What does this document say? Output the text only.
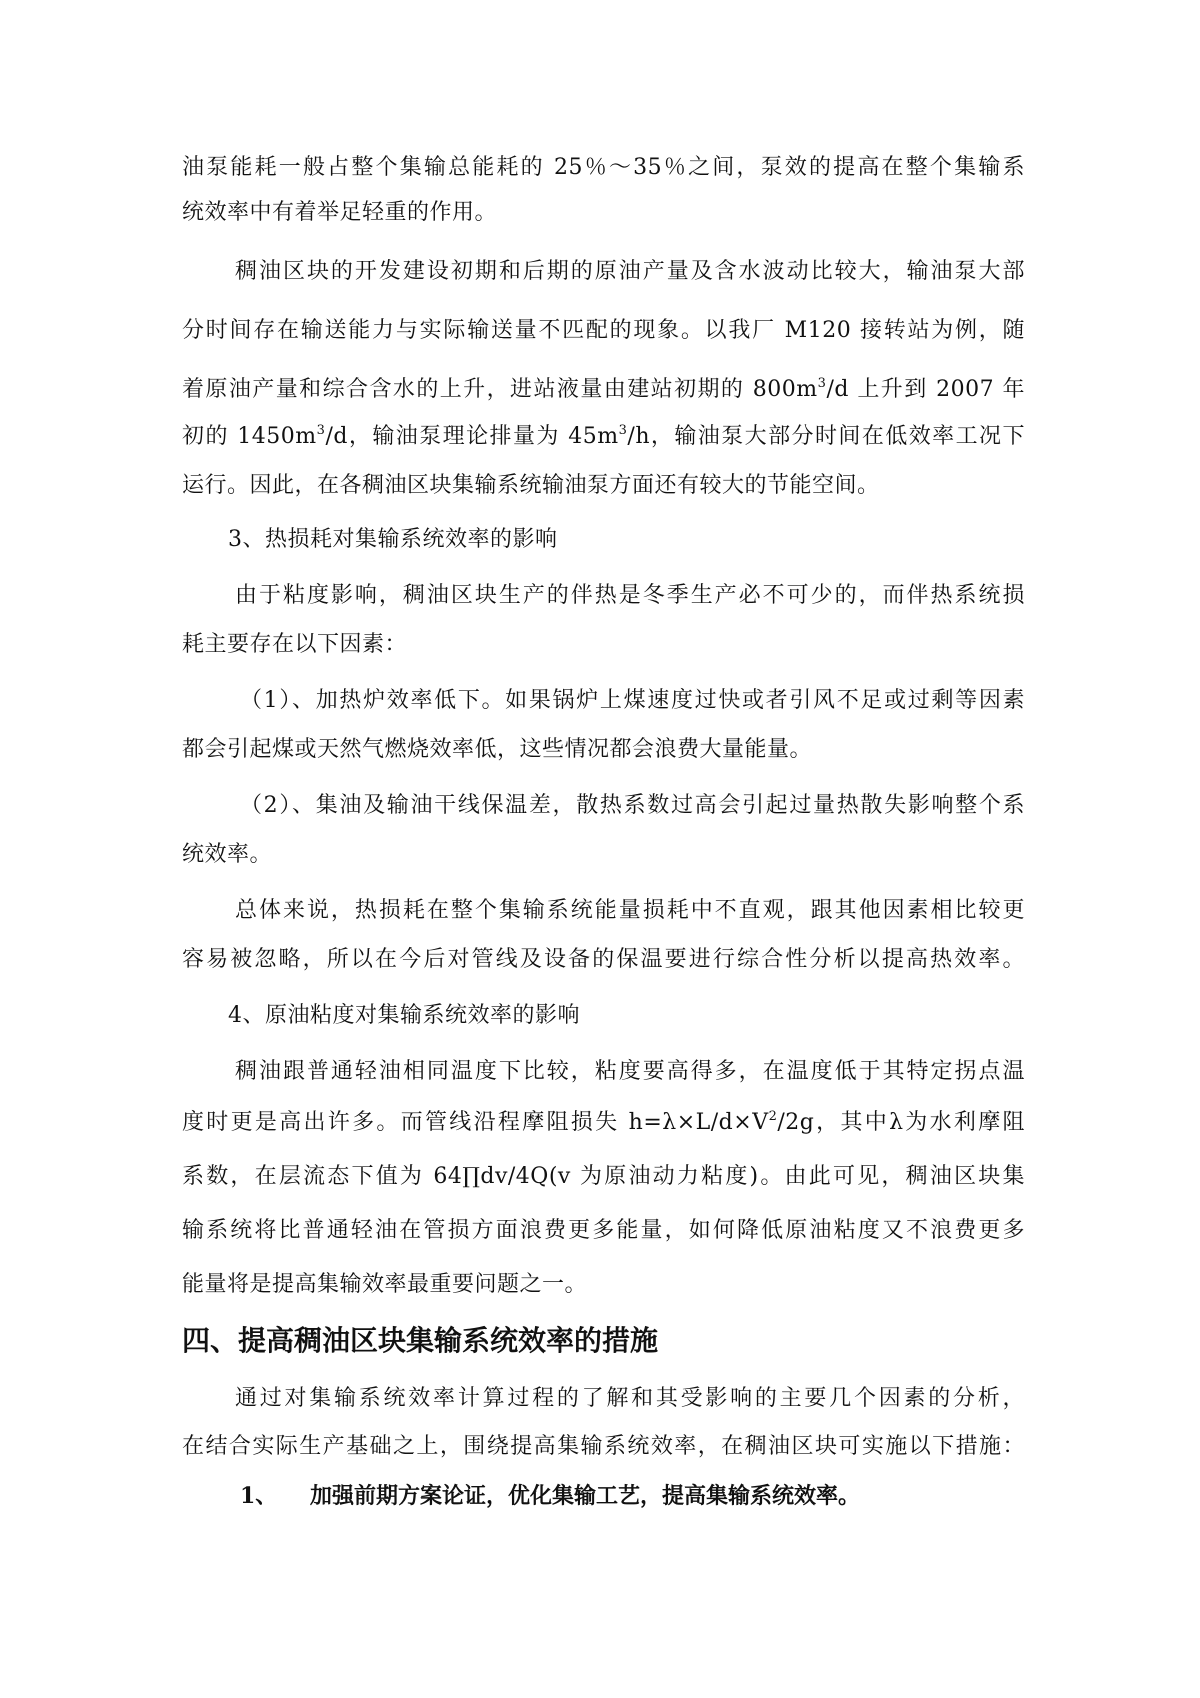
油泵能耗一般占整个集输总能耗的 25％～35％之间，泵效的提高在整个集输系
统效率中有着举足轻重的作用。
稠油区块的开发建设初期和后期的原油产量及含水波动比较大，输油泵大部
分时间存在输送能力与实际输送量不匹配的现象。以我厂 M120 接转站为例，随
着原油产量和综合含水的上升，进站液量由建站初期的 $800m^3/d$ 上升到 2007 年
初的 $1450m^3/d$，输油泵理论排量为 $45m^3/h$，输油泵大部分时间在低效率工况下
运行。因此，在各稠油区块集输系统输油泵方面还有较大的节能空间。
3、热损耗对集输系统效率的影响
由于粘度影响，稠油区块生产的伴热是冬季生产必不可少的，而伴热系统损
耗主要存在以下因素：
（1）、加热炉效率低下。如果锅炉上煤速度过快或者引风不足或过剩等因素
都会引起煤或天然气燃烧效率低，这些情况都会浪费大量能量。
（2）、集油及输油干线保温差，散热系数过高会引起过量热散失影响整个系
统效率。
总体来说，热损耗在整个集输系统能量损耗中不直观，跟其他因素相比较更
容易被忽略，所以在今后对管线及设备的保温要进行综合性分析以提高热效率。
4、原油粘度对集输系统效率的影响
稠油跟普通轻油相同温度下比较，粘度要高得多，在温度低于其特定拐点温
度时更是高出许多。而管线沿程摩阻损失 $h=\lambda\times L/d\times V^2/2g$，其中λ为水利摩阻
系数，在层流态下值为 64∏dv/4Q(v 为原油动力粘度)。由此可见，稠油区块集
输系统将比普通轻油在管损方面浪费更多能量，如何降低原油粘度又不浪费更多
能量将是提高集输效率最重要问题之一。
四、提高稠油区块集输系统效率的措施
通过对集输系统效率计算过程的了解和其受影响的主要几个因素的分析，
在结合实际生产基础之上，围绕提高集输系统效率，在稠油区块可实施以下措施：
1、 加强前期方案论证，优化集输工艺，提高集输系统效率。
